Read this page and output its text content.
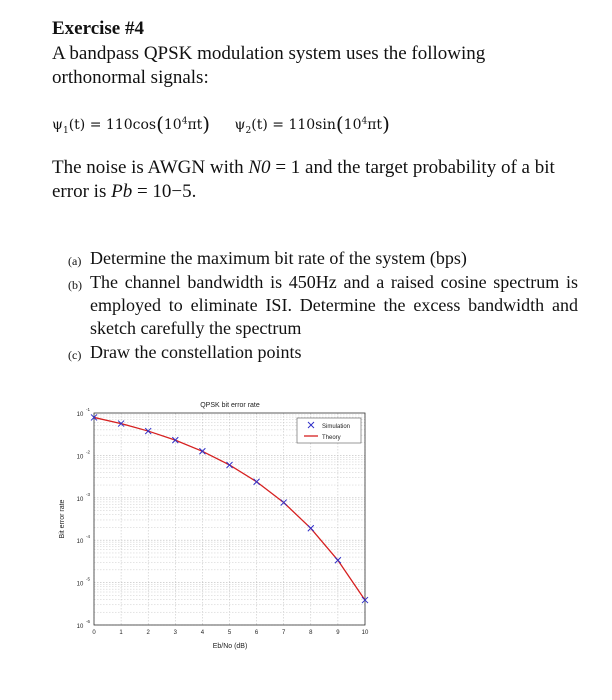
Exercise #4
A bandpass QPSK modulation system uses the following orthonormal signals:
$\psi_1(t) = 110\cos(10^4\pi t) \psi_2(t) = 110\sin(10^4\pi t)$
The noise is AWGN with N0 = 1 and the target probability of a bit error is Pb = 10−5.
(a) Determine the maximum bit rate of the system (bps)
(b) The channel bandwidth is 450Hz and a raised cosine spectrum is employed to eliminate ISI. Determine the excess bandwidth and sketch carefully the spectrum
(c) Draw the constellation points
QPSK bit error rate
0	1	2	3	4	5	6	7	8	9	10
10
-1
10
-2
10
-3
10
-4
10
-5
10
-6
Eb/No (dB)
Bit error rate
Simulation
Theory
